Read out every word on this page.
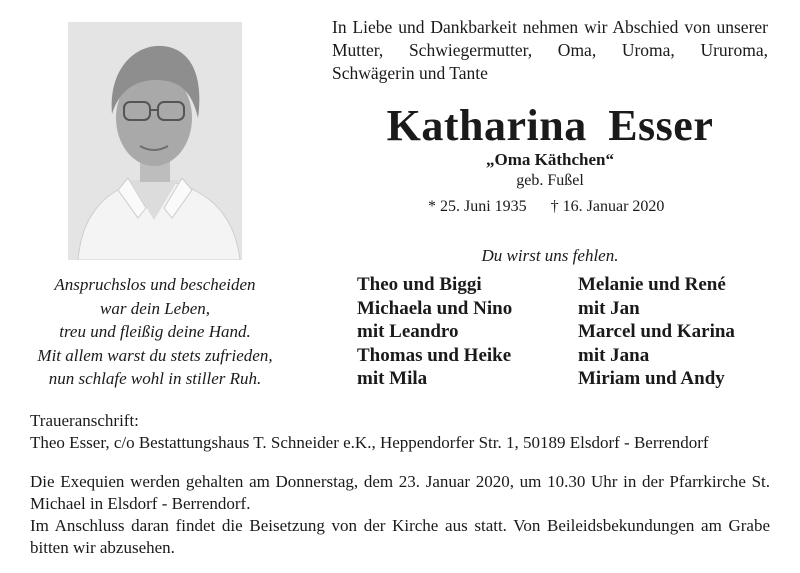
In Liebe und Dankbarkeit nehmen wir Abschied von unserer Mutter, Schwiegermutter, Oma, Uroma, Ururoma, Schwägerin und Tante
Katharina Esser
„Oma Käthchen“
geb. Fußel
* 25. Juni 1935 † 16. Januar 2020
Du wirst uns fehlen.
Anspruchslos und bescheiden
war dein Leben,
treu und fleißig deine Hand.
Mit allem warst du stets zufrieden,
nun schlafe wohl in stiller Ruh.
Theo und Biggi
Michaela und Nino
mit Leandro
Thomas und Heike
mit Mila
Melanie und René
mit Jan
Marcel und Karina
mit Jana
Miriam und Andy
Traueranschrift:
Theo Esser, c/o Bestattungshaus T. Schneider e.K., Heppendorfer Str. 1, 50189 Elsdorf - Berrendorf

Die Exequien werden gehalten am Donnerstag, dem 23. Januar 2020, um 10.30 Uhr in der Pfarrkirche St. Michael in Elsdorf - Berrendorf.

Im Anschluss daran findet die Beisetzung von der Kirche aus statt. Von Beileidsbekundungen am Grabe bitten wir abzusehen.
